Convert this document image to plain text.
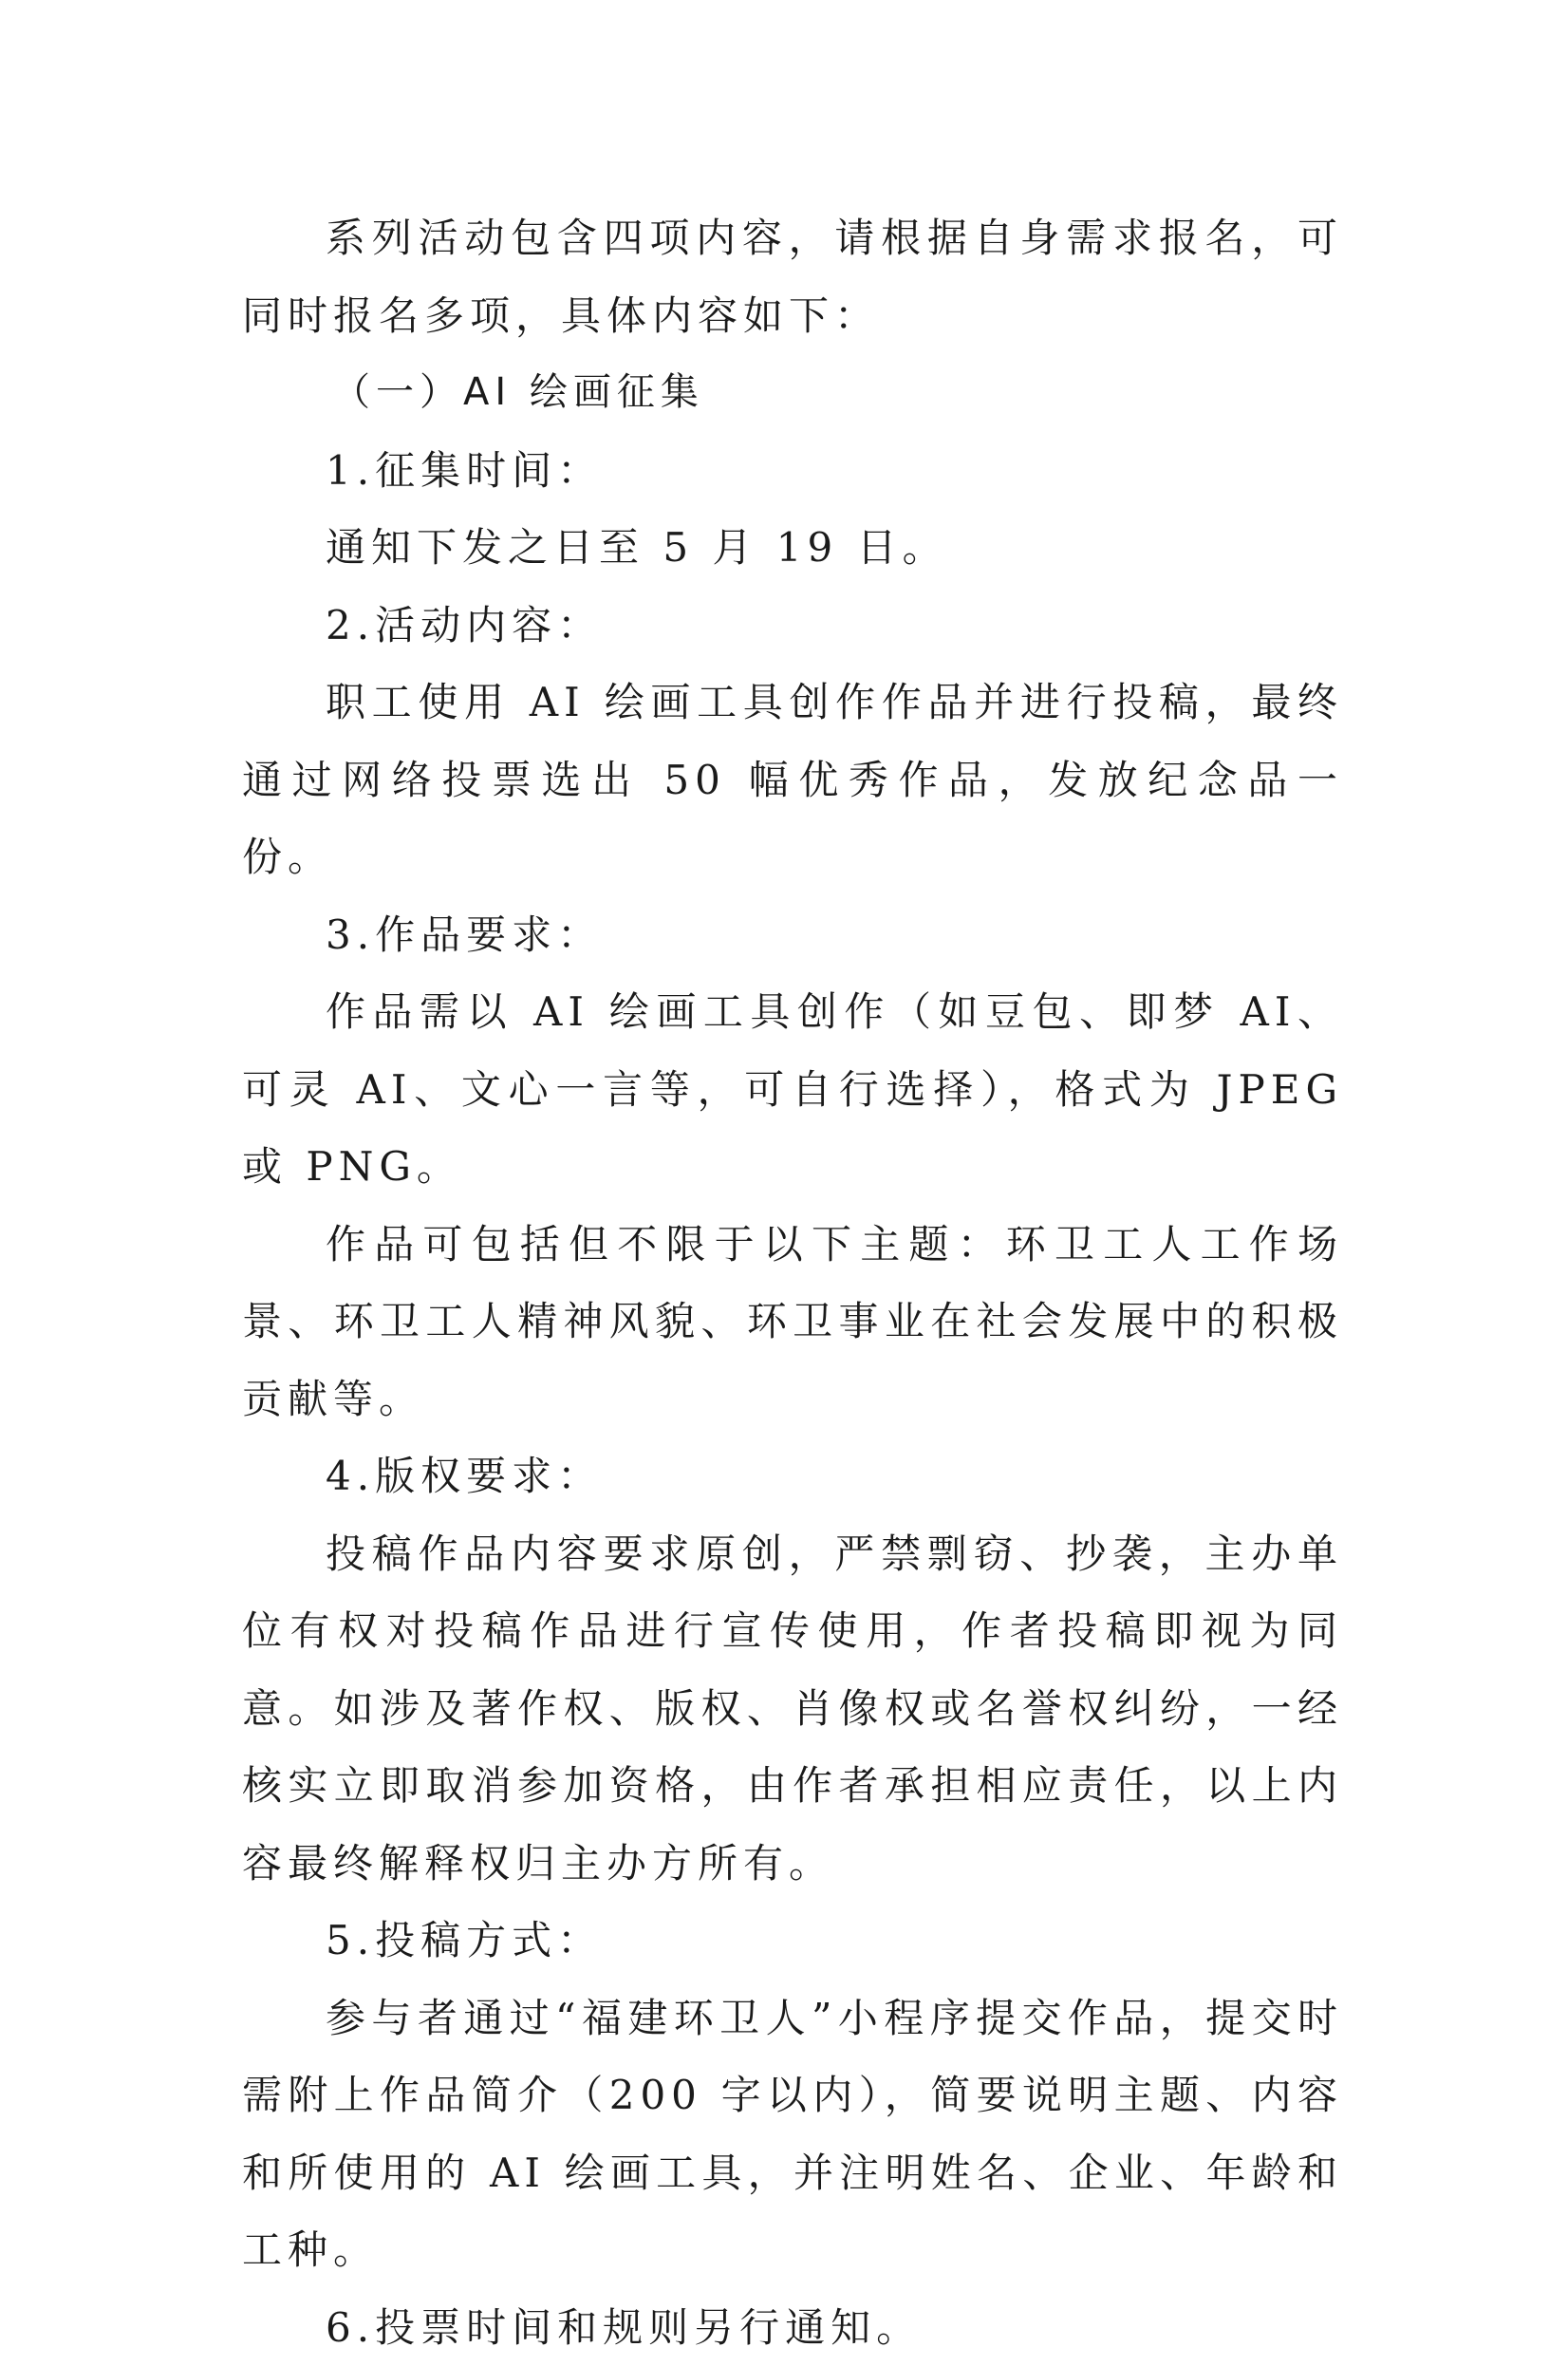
系列活动包含四项内容，请根据自身需求报名，可同时报名多项，具体内容如下：

（一）AI 绘画征集

1.征集时间：

通知下发之日至 5 月 19 日。

2.活动内容：

职工使用 AI 绘画工具创作作品并进行投稿，最终通过网络投票选出 50 幅优秀作品，发放纪念品一份。

3.作品要求：

作品需以 AI 绘画工具创作（如豆包、即梦 AI、可灵 AI、文心一言等，可自行选择），格式为 JPEG 或 PNG。

作品可包括但不限于以下主题：环卫工人工作场景、环卫工人精神风貌、环卫事业在社会发展中的积极贡献等。

4.版权要求：

投稿作品内容要求原创，严禁剽窃、抄袭，主办单位有权对投稿作品进行宣传使用，作者投稿即视为同意。如涉及著作权、版权、肖像权或名誉权纠纷，一经核实立即取消参加资格，由作者承担相应责任，以上内容最终解释权归主办方所有。

5.投稿方式：

参与者通过“福建环卫人”小程序提交作品，提交时需附上作品简介（200 字以内），简要说明主题、内容和所使用的 AI 绘画工具，并注明姓名、企业、年龄和工种。

6.投票时间和规则另行通知。
